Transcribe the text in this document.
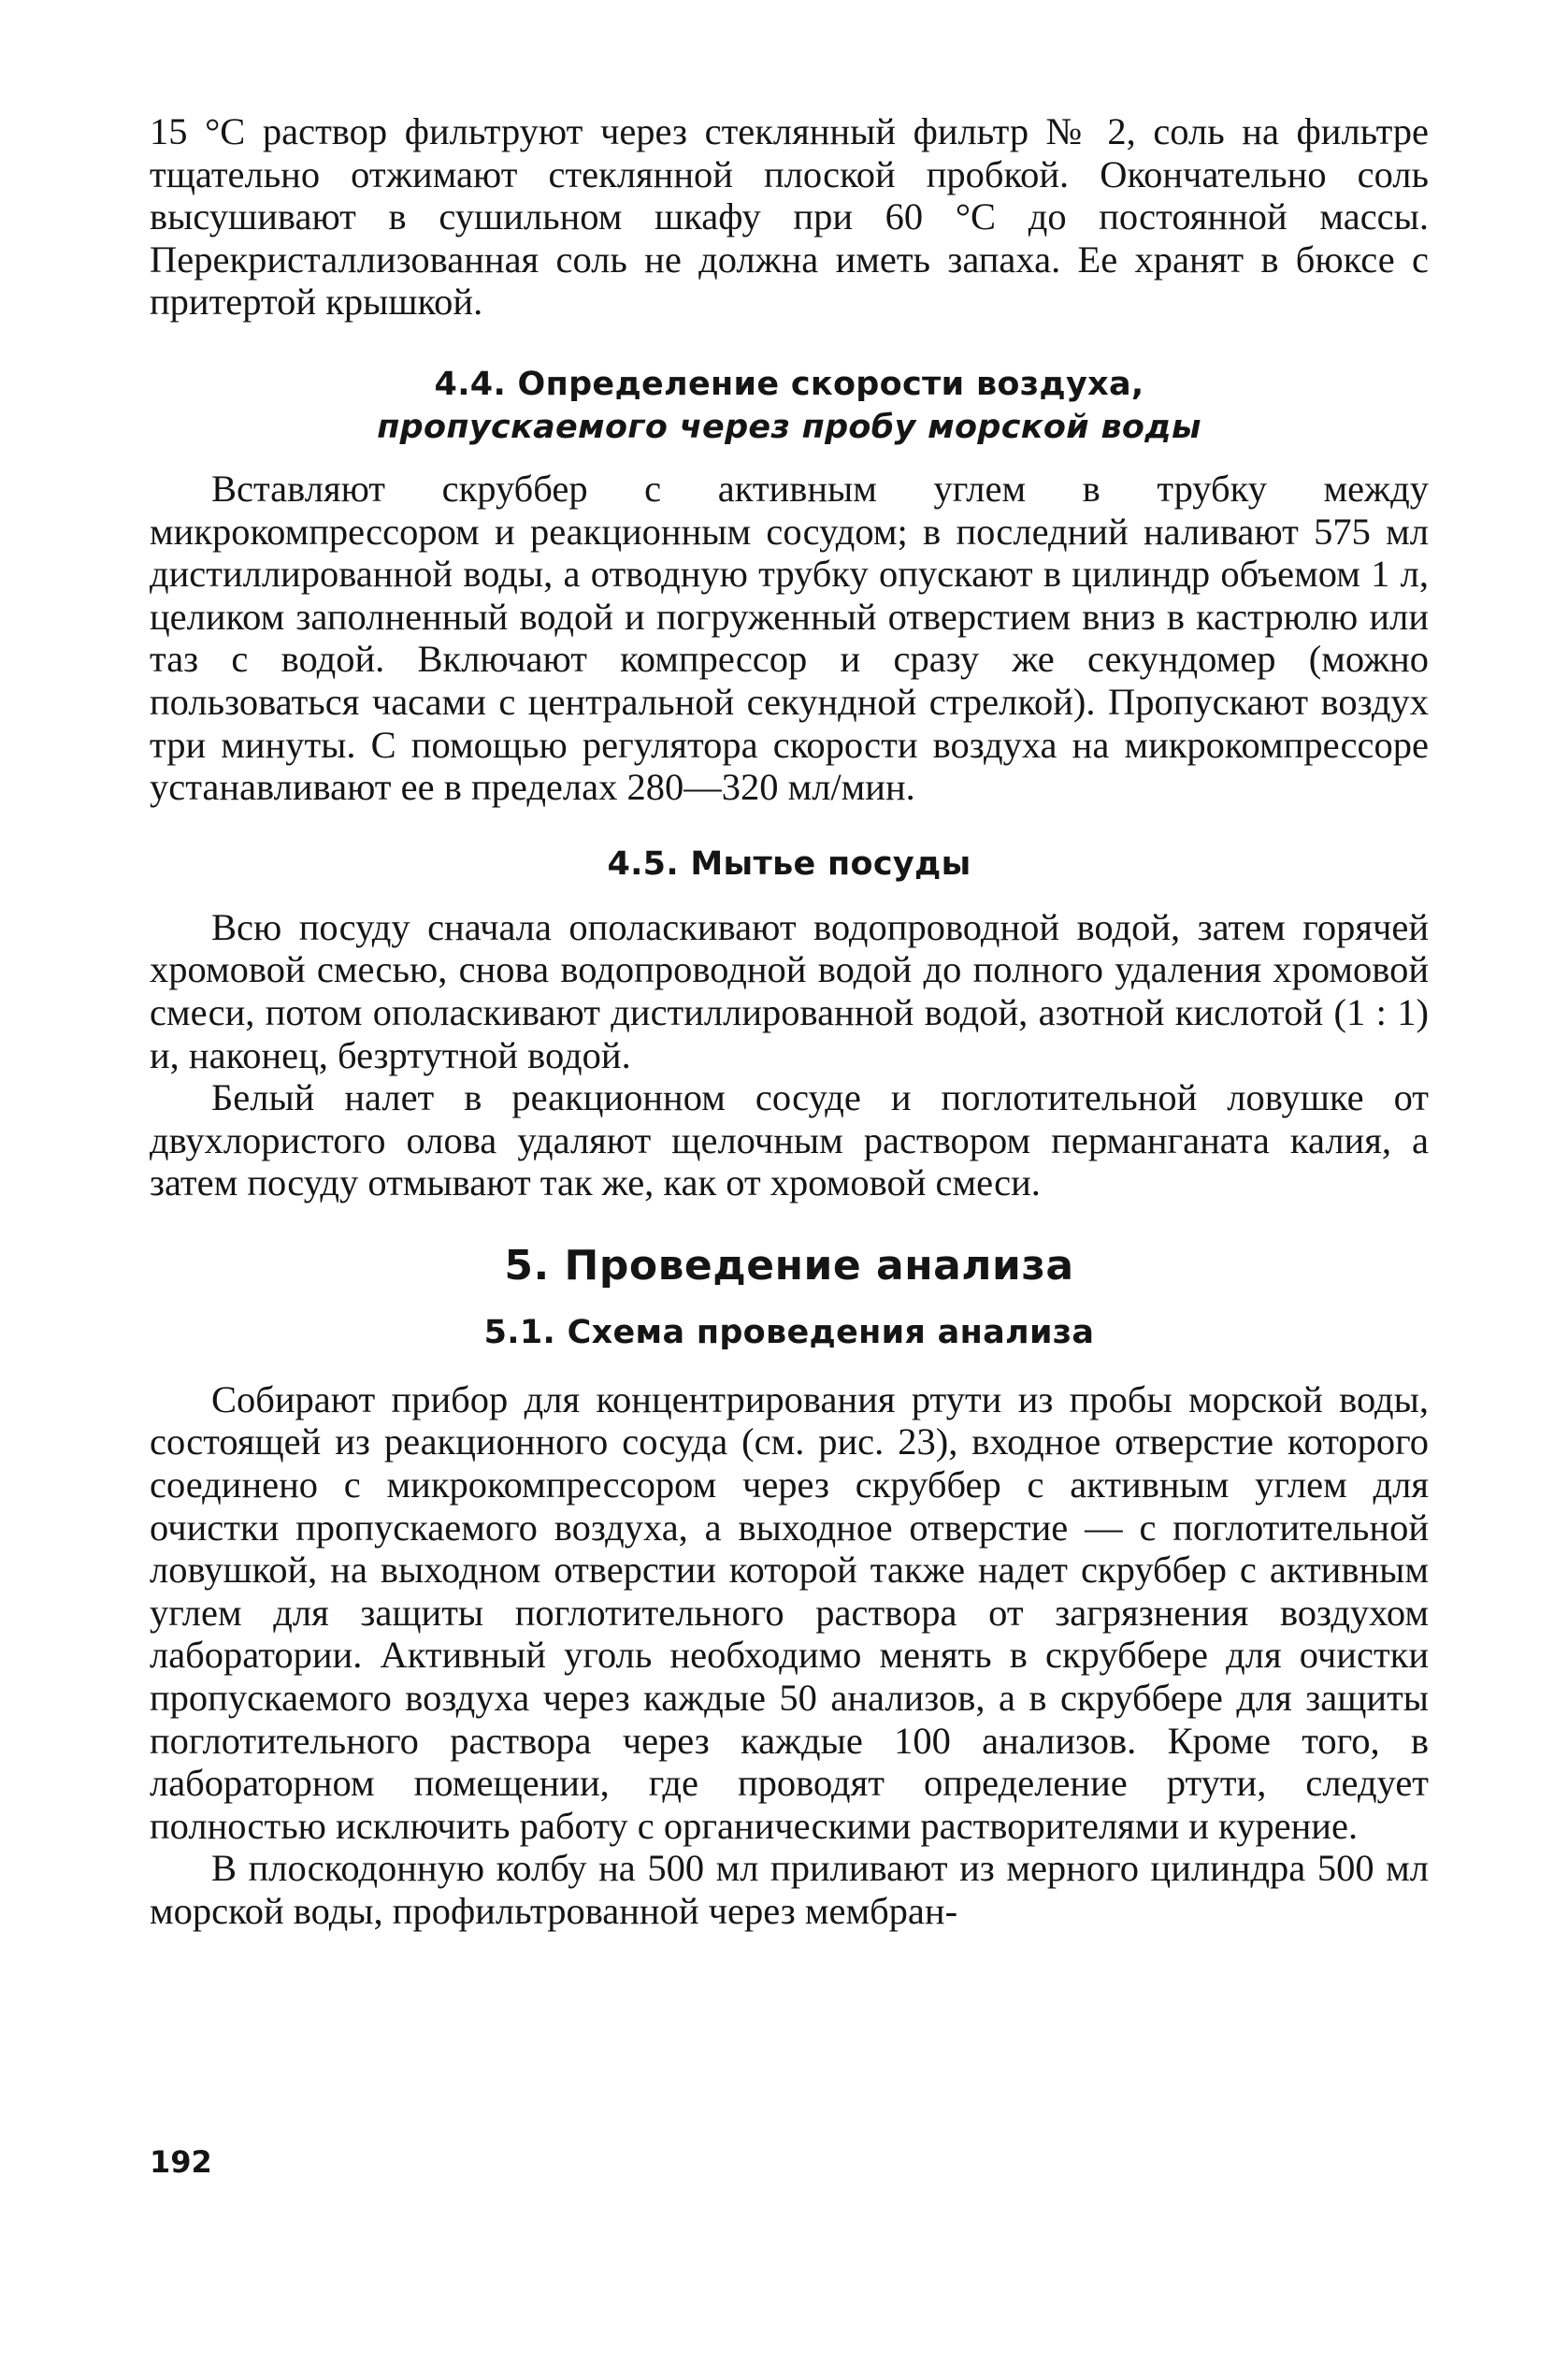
15 °C раствор фильтруют через стеклянный фильтр № 2, соль на фильтре тщательно отжимают стеклянной плоской пробкой. Окончательно соль высушивают в сушильном шкафу при 60 °C до постоянной массы. Перекристаллизованная соль не должна иметь запаха. Ее хранят в бюксе с притертой крышкой.

4.4. Определение скорости воздуха,
пропускаемого через пробу морской воды

Вставляют скруббер с активным углем в трубку между микрокомпрессором и реакционным сосудом; в последний наливают 575 мл дистиллированной воды, а отводную трубку опускают в цилиндр объемом 1 л, целиком заполненный водой и погруженный отверстием вниз в кастрюлю или таз с водой. Включают компрессор и сразу же секундомер (можно пользоваться часами с центральной секундной стрелкой). Пропускают воздух три минуты. С помощью регулятора скорости воздуха на микрокомпрессоре устанавливают ее в пределах 280—320 мл/мин.

4.5. Мытье посуды

Всю посуду сначала ополаскивают водопроводной водой, затем горячей хромовой смесью, снова водопроводной водой до полного удаления хромовой смеси, потом ополаскивают дистиллированной водой, азотной кислотой (1 : 1) и, наконец, безртутной водой.

Белый налет в реакционном сосуде и поглотительной ловушке от двухлористого олова удаляют щелочным раствором перманганата калия, а затем посуду отмывают так же, как от хромовой смеси.

5. Проведение анализа
5.1. Схема проведения анализа

Собирают прибор для концентрирования ртути из пробы морской воды, состоящей из реакционного сосуда (см. рис. 23), входное отверстие которого соединено с микрокомпрессором через скруббер с активным углем для очистки пропускаемого воздуха, а выходное отверстие — с поглотительной ловушкой, на выходном отверстии которой также надет скруббер с активным углем для защиты поглотительного раствора от загрязнения воздухом лаборатории. Активный уголь необходимо менять в скруббере для очистки пропускаемого воздуха через каждые 50 анализов, а в скруббере для защиты поглотительного раствора через каждые 100 анализов. Кроме того, в лабораторном помещении, где проводят определение ртути, следует полностью исключить работу с органическими растворителями и курение.

В плоскодонную колбу на 500 мл приливают из мерного цилиндра 500 мл морской воды, профильтрованной через мембран-

192
